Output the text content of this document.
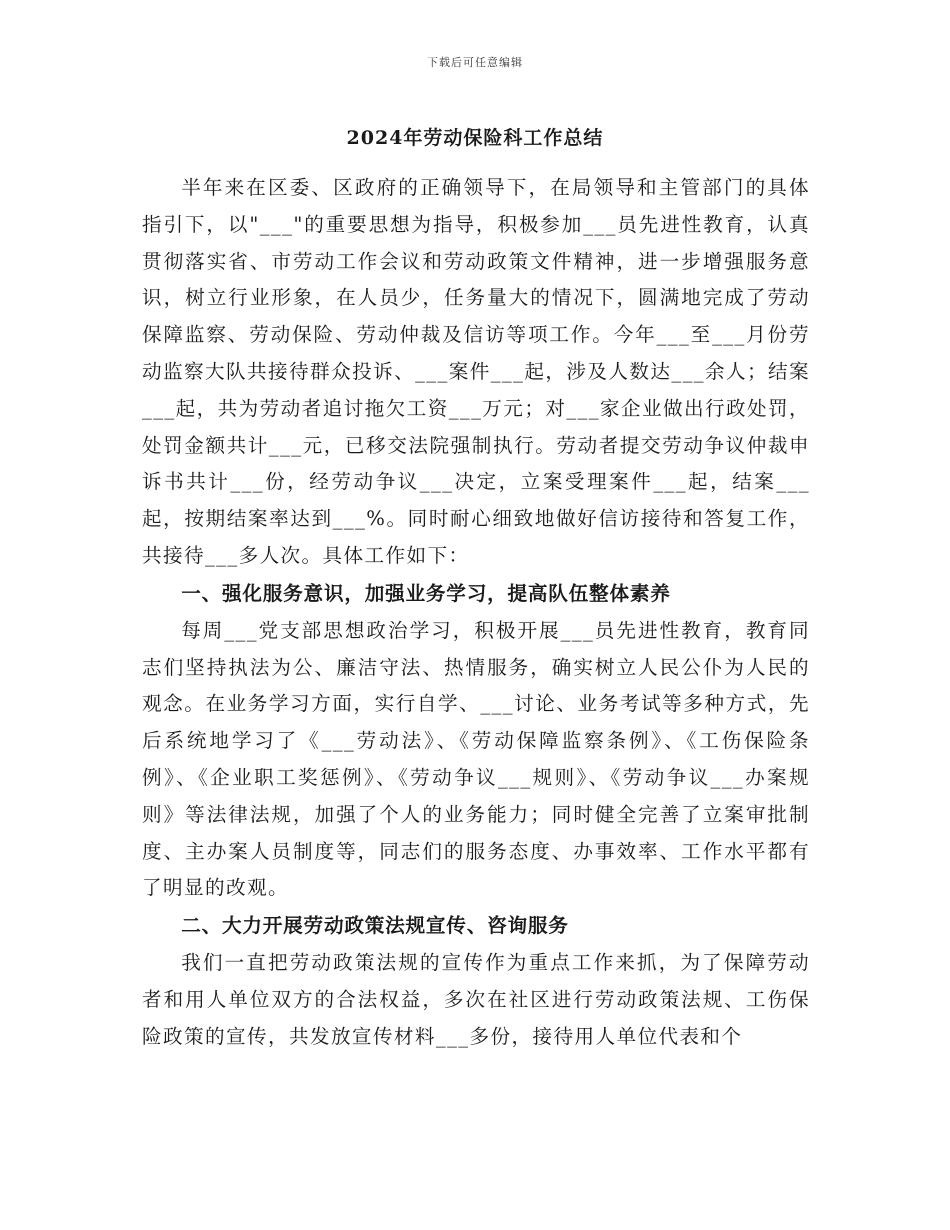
下载后可任意编辑
2024年劳动保险科工作总结

半年来在区委、区政府的正确领导下，在局领导和主管部门的具体指引下，以"___"的重要思想为指导，积极参加___员先进性教育，认真贯彻落实省、市劳动工作会议和劳动政策文件精神，进一步增强服务意识，树立行业形象，在人员少，任务量大的情况下，圆满地完成了劳动保障监察、劳动保险、劳动仲裁及信访等项工作。今年___至___月份劳动监察大队共接待群众投诉、___案件___起，涉及人数达___余人；结案___起，共为劳动者追讨拖欠工资___万元；对___家企业做出行政处罚，处罚金额共计___元，已移交法院强制执行。劳动者提交劳动争议仲裁申诉书共计___份，经劳动争议___决定，立案受理案件___起，结案___起，按期结案率达到___%。同时耐心细致地做好信访接待和答复工作，共接待___多人次。具体工作如下：

一、强化服务意识，加强业务学习，提高队伍整体素养

每周___党支部思想政治学习，积极开展___员先进性教育，教育同志们坚持执法为公、廉洁守法、热情服务，确实树立人民公仆为人民的观念。在业务学习方面，实行自学、___讨论、业务考试等多种方式，先后系统地学习了《___劳动法》、《劳动保障监察条例》、《工伤保险条例》、《企业职工奖惩例》、《劳动争议___规则》、《劳动争议___办案规则》等法律法规，加强了个人的业务能力；同时健全完善了立案审批制度、主办案人员制度等，同志们的服务态度、办事效率、工作水平都有了明显的改观。

二、大力开展劳动政策法规宣传、咨询服务

我们一直把劳动政策法规的宣传作为重点工作来抓，为了保障劳动者和用人单位双方的合法权益，多次在社区进行劳动政策法规、工伤保险政策的宣传，共发放宣传材料___多份，接待用人单位代表和个
